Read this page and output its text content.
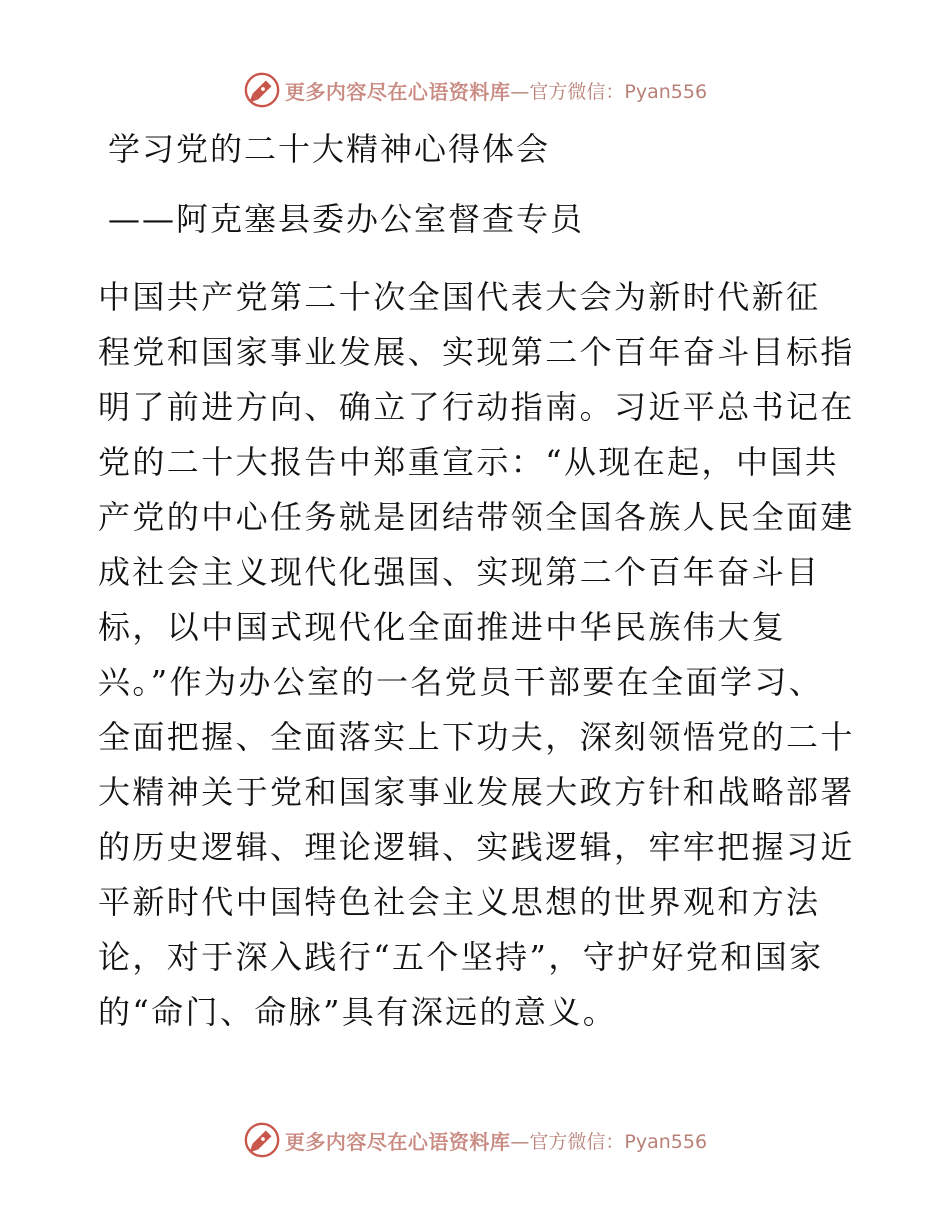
更多内容尽在心语资料库 —官方微信：Pyan556
学习党的二十大精神心得体会
——阿克塞县委办公室督查专员
中国共产党第二十次全国代表大会为新时代新征
程党和国家事业发展、实现第二个百年奋斗目标指
明了前进方向、确立了行动指南。习近平总书记在
党的二十大报告中郑重宣示：“从现在起，中国共
产党的中心任务就是团结带领全国各族人民全面建
成社会主义现代化强国、实现第二个百年奋斗目
标，以中国式现代化全面推进中华民族伟大复
兴。”作为办公室的一名党员干部要在全面学习、
全面把握、全面落实上下功夫，深刻领悟党的二十
大精神关于党和国家事业发展大政方针和战略部署
的历史逻辑、理论逻辑、实践逻辑，牢牢把握习近
平新时代中国特色社会主义思想的世界观和方法
论，对于深入践行“五个坚持”，守护好党和国家
的“命门、命脉”具有深远的意义。
更多内容尽在心语资料库 —官方微信：Pyan556
